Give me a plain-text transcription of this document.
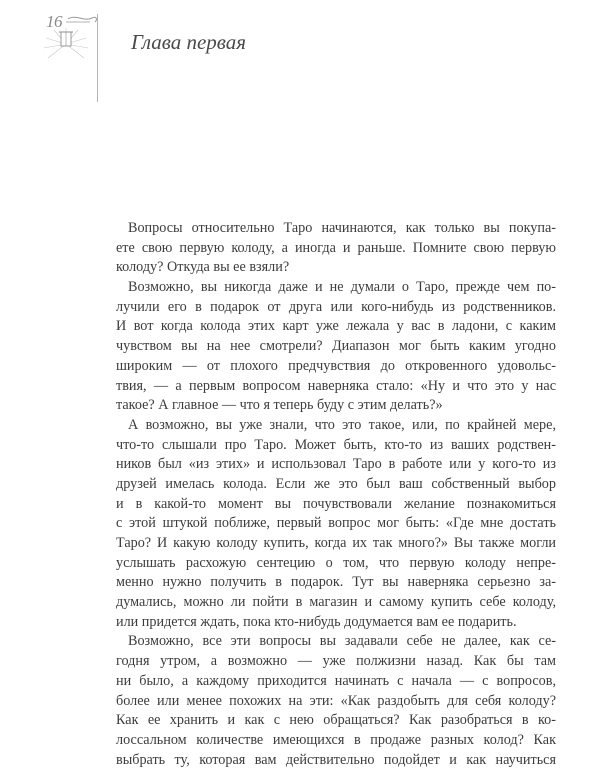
16
Глава первая
Вопросы относительно Таро начинаются, как только вы покупа-
ете свою первую колоду, а иногда и раньше. Помните свою первую
колоду? Откуда вы ее взяли?
Возможно, вы никогда даже и не думали о Таро, прежде чем по-
лучили его в подарок от друга или кого-нибудь из родственников.
И вот когда колода этих карт уже лежала у вас в ладони, с каким
чувством вы на нее смотрели? Диапазон мог быть каким угодно
широким — от плохого предчувствия до откровенного удовольс-
твия, — а первым вопросом наверняка стало: «Ну и что это у нас
такое? А главное — что я теперь буду с этим делать?»
А возможно, вы уже знали, что это такое, или, по крайней мере,
что-то слышали про Таро. Может быть, кто-то из ваших родствен-
ников был «из этих» и использовал Таро в работе или у кого-то из
друзей имелась колода. Если же это был ваш собственный выбор
и в какой-то момент вы почувствовали желание познакомиться
с этой штукой поближе, первый вопрос мог быть: «Где мне достать
Таро? И какую колоду купить, когда их так много?» Вы также могли
услышать расхожую сентецию о том, что первую колоду непре-
менно нужно получить в подарок. Тут вы наверняка серьезно за-
думались, можно ли пойти в магазин и самому купить себе колоду,
или придется ждать, пока кто-нибудь додумается вам ее подарить.
Возможно, все эти вопросы вы задавали себе не далее, как се-
годня утром, а возможно — уже полжизни назад. Как бы там
ни было, а каждому приходится начинать с начала — с вопросов,
более или менее похожих на эти: «Как раздобыть для себя колоду?
Как ее хранить и как с нею обращаться? Как разобраться в ко-
лоссальном количестве имеющихся в продаже разных колод? Как
выбрать ту, которая вам действительно подойдет и как научиться
